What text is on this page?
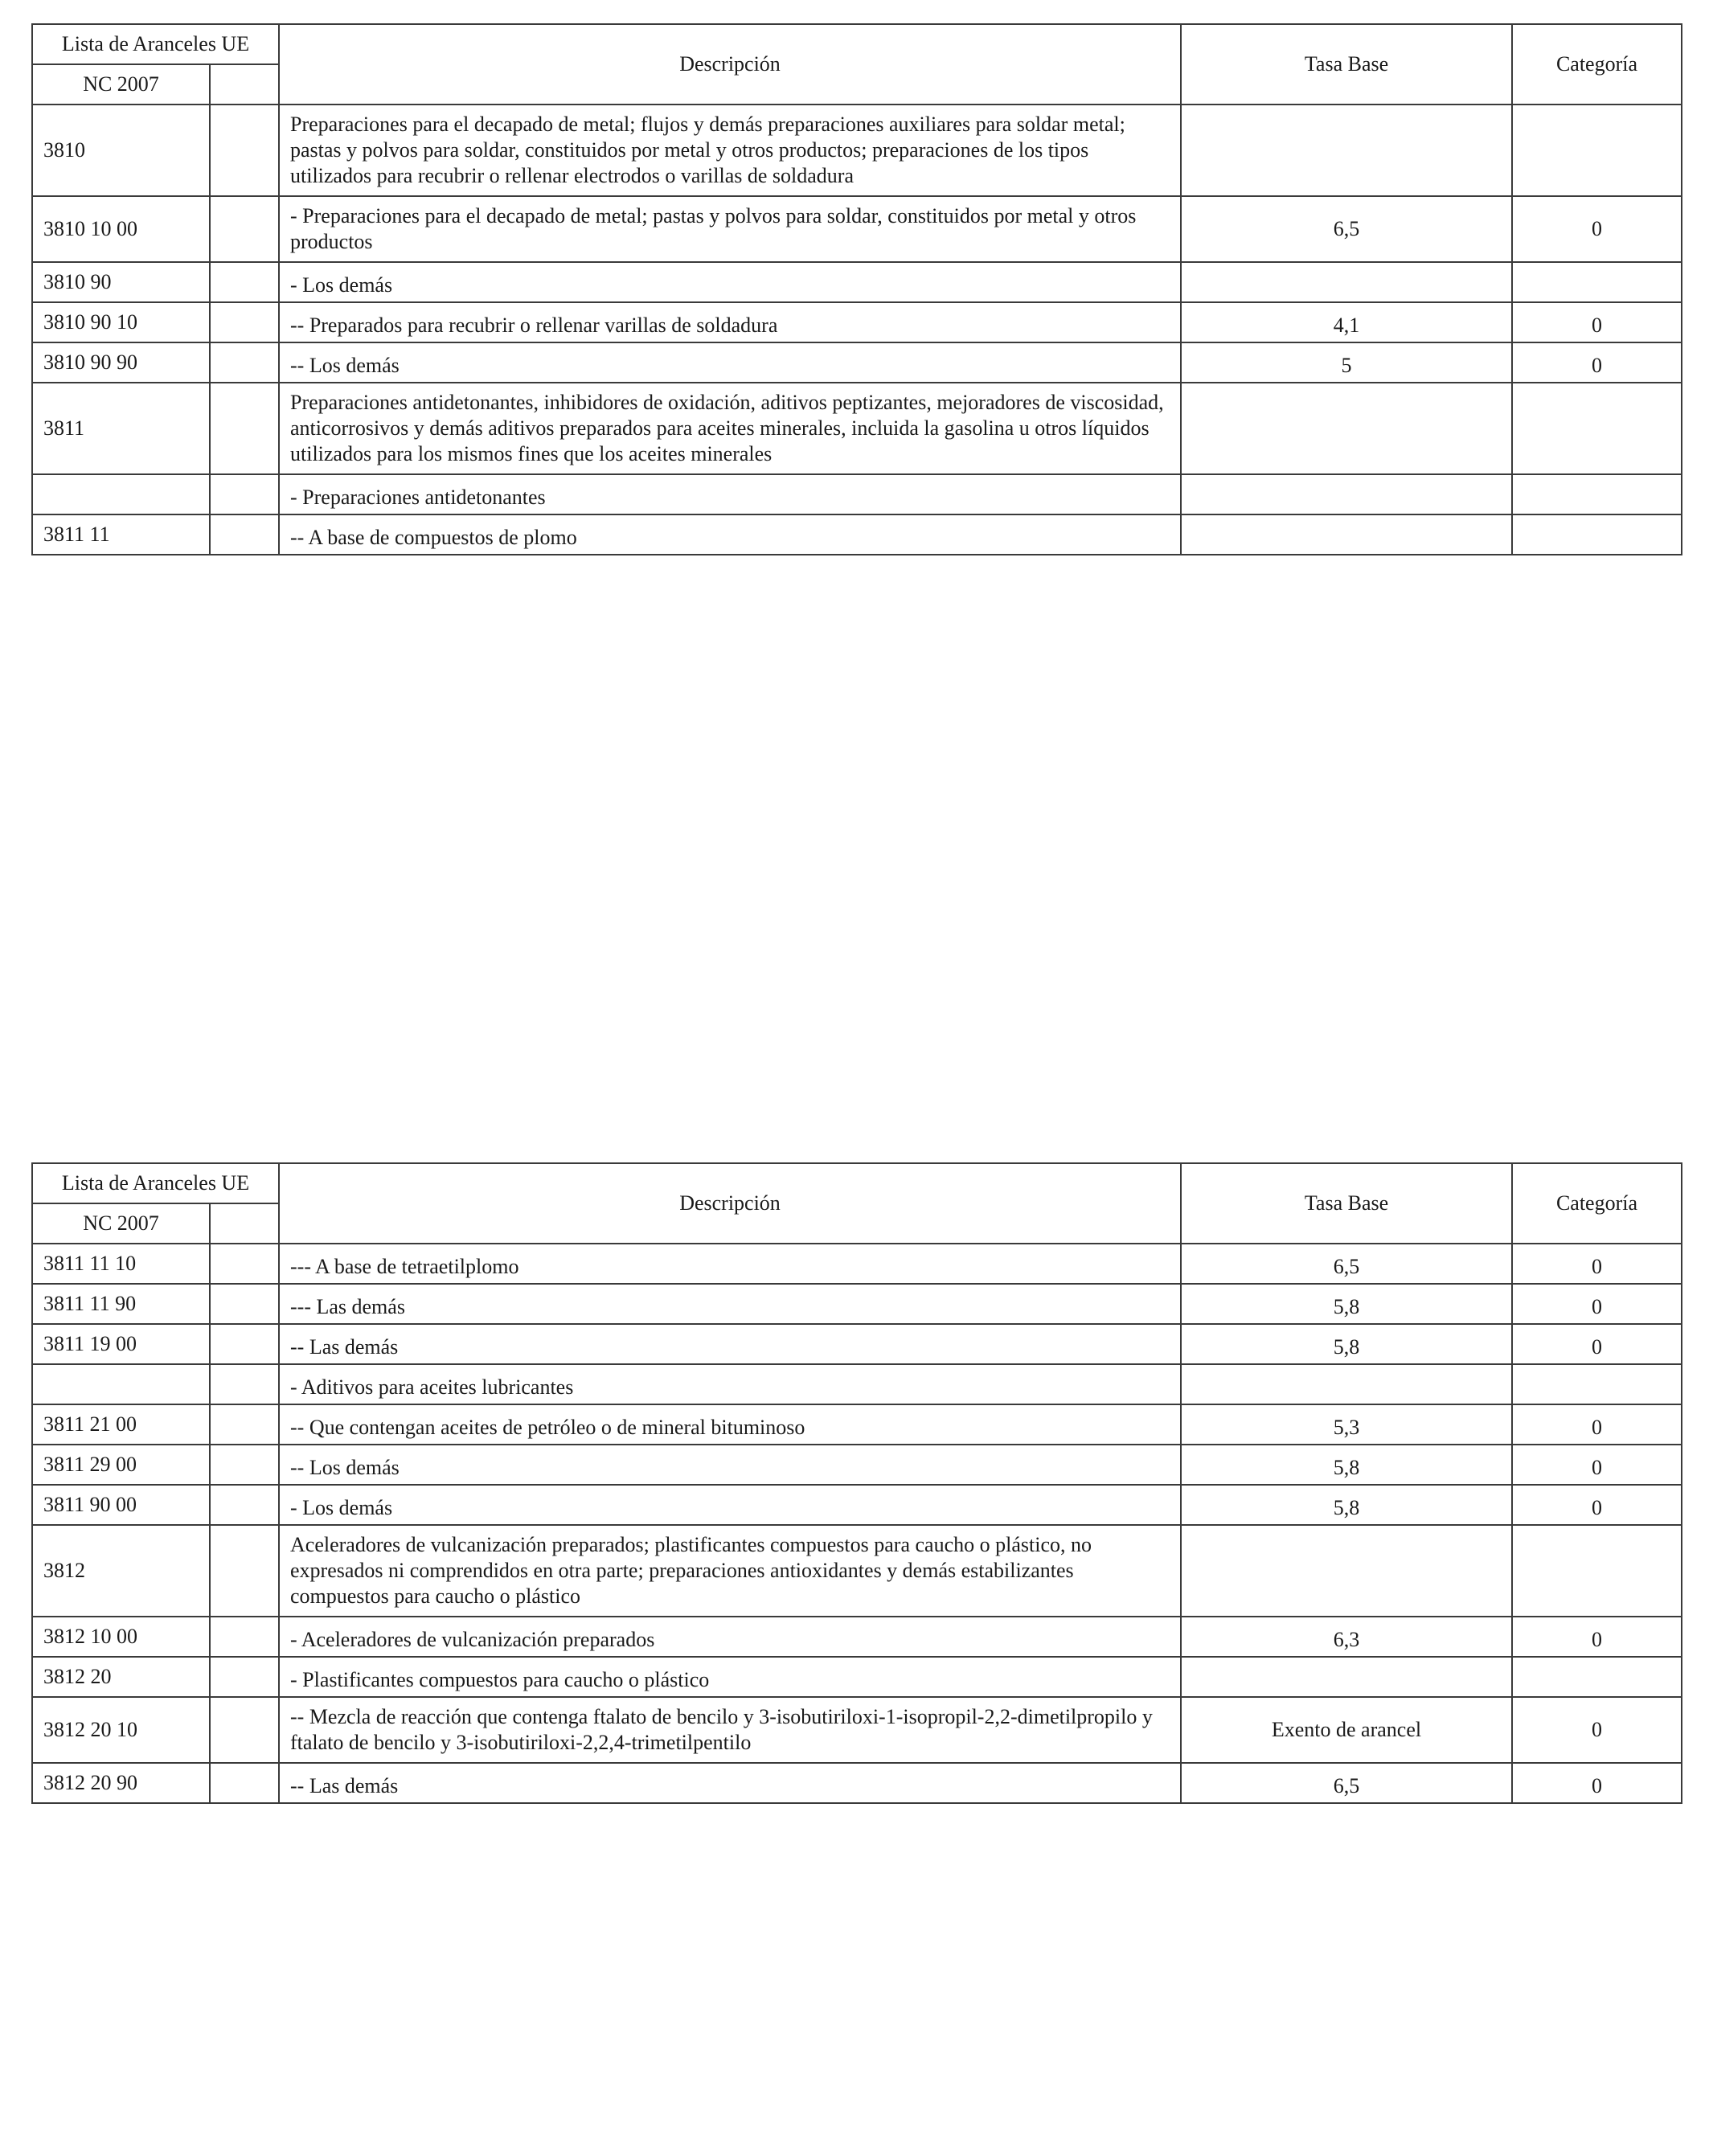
Lista de Aranceles UE		Descripción	Tasa Base	Categoría
NC 2007				
3810		Preparaciones para el decapado de metal; flujos y demás preparaciones auxiliares para soldar metal; pastas y polvos para soldar, constituidos por metal y otros productos; preparaciones de los tipos utilizados para recubrir o rellenar electrodos o varillas de soldadura		
3810 10 00		- Preparaciones para el decapado de metal; pastas y polvos para soldar, constituidos por metal y otros productos	6,5	0
3810 90		- Los demás		
3810 90 10		-- Preparados para recubrir o rellenar varillas de soldadura	4,1	0
3810 90 90		-- Los demás	5	0
3811		Preparaciones antidetonantes, inhibidores de oxidación, aditivos peptizantes, mejoradores de viscosidad, anticorrosivos y demás aditivos preparados para aceites minerales, incluida la gasolina u otros líquidos utilizados para los mismos fines que los aceites minerales		
		- Preparaciones antidetonantes		
3811 11		-- A base de compuestos de plomo		
Lista de Aranceles UE		Descripción	Tasa Base	Categoría
NC 2007				
3811 11 10		--- A base de tetraetilplomo	6,5	0
3811 11 90		--- Las demás	5,8	0
3811 19 00		-- Las demás	5,8	0
		- Aditivos para aceites lubricantes		
3811 21 00		-- Que contengan aceites de petróleo o de mineral bituminoso	5,3	0
3811 29 00		-- Los demás	5,8	0
3811 90 00		- Los demás	5,8	0
3812		Aceleradores de vulcanización preparados; plastificantes compuestos para caucho o plástico, no expresados ni comprendidos en otra parte; preparaciones antioxidantes y demás estabilizantes compuestos para caucho o plástico		
3812 10 00		- Aceleradores de vulcanización preparados	6,3	0
3812 20		- Plastificantes compuestos para caucho o plástico		
3812 20 10		-- Mezcla de reacción que contenga ftalato de bencilo y 3-isobutiriloxi-1-isopropil-2,2-dimetilpropilo y ftalato de bencilo y 3-isobutiriloxi-2,2,4-trimetilpentilo	Exento de arancel	0
3812 20 90		-- Las demás	6,5	0
